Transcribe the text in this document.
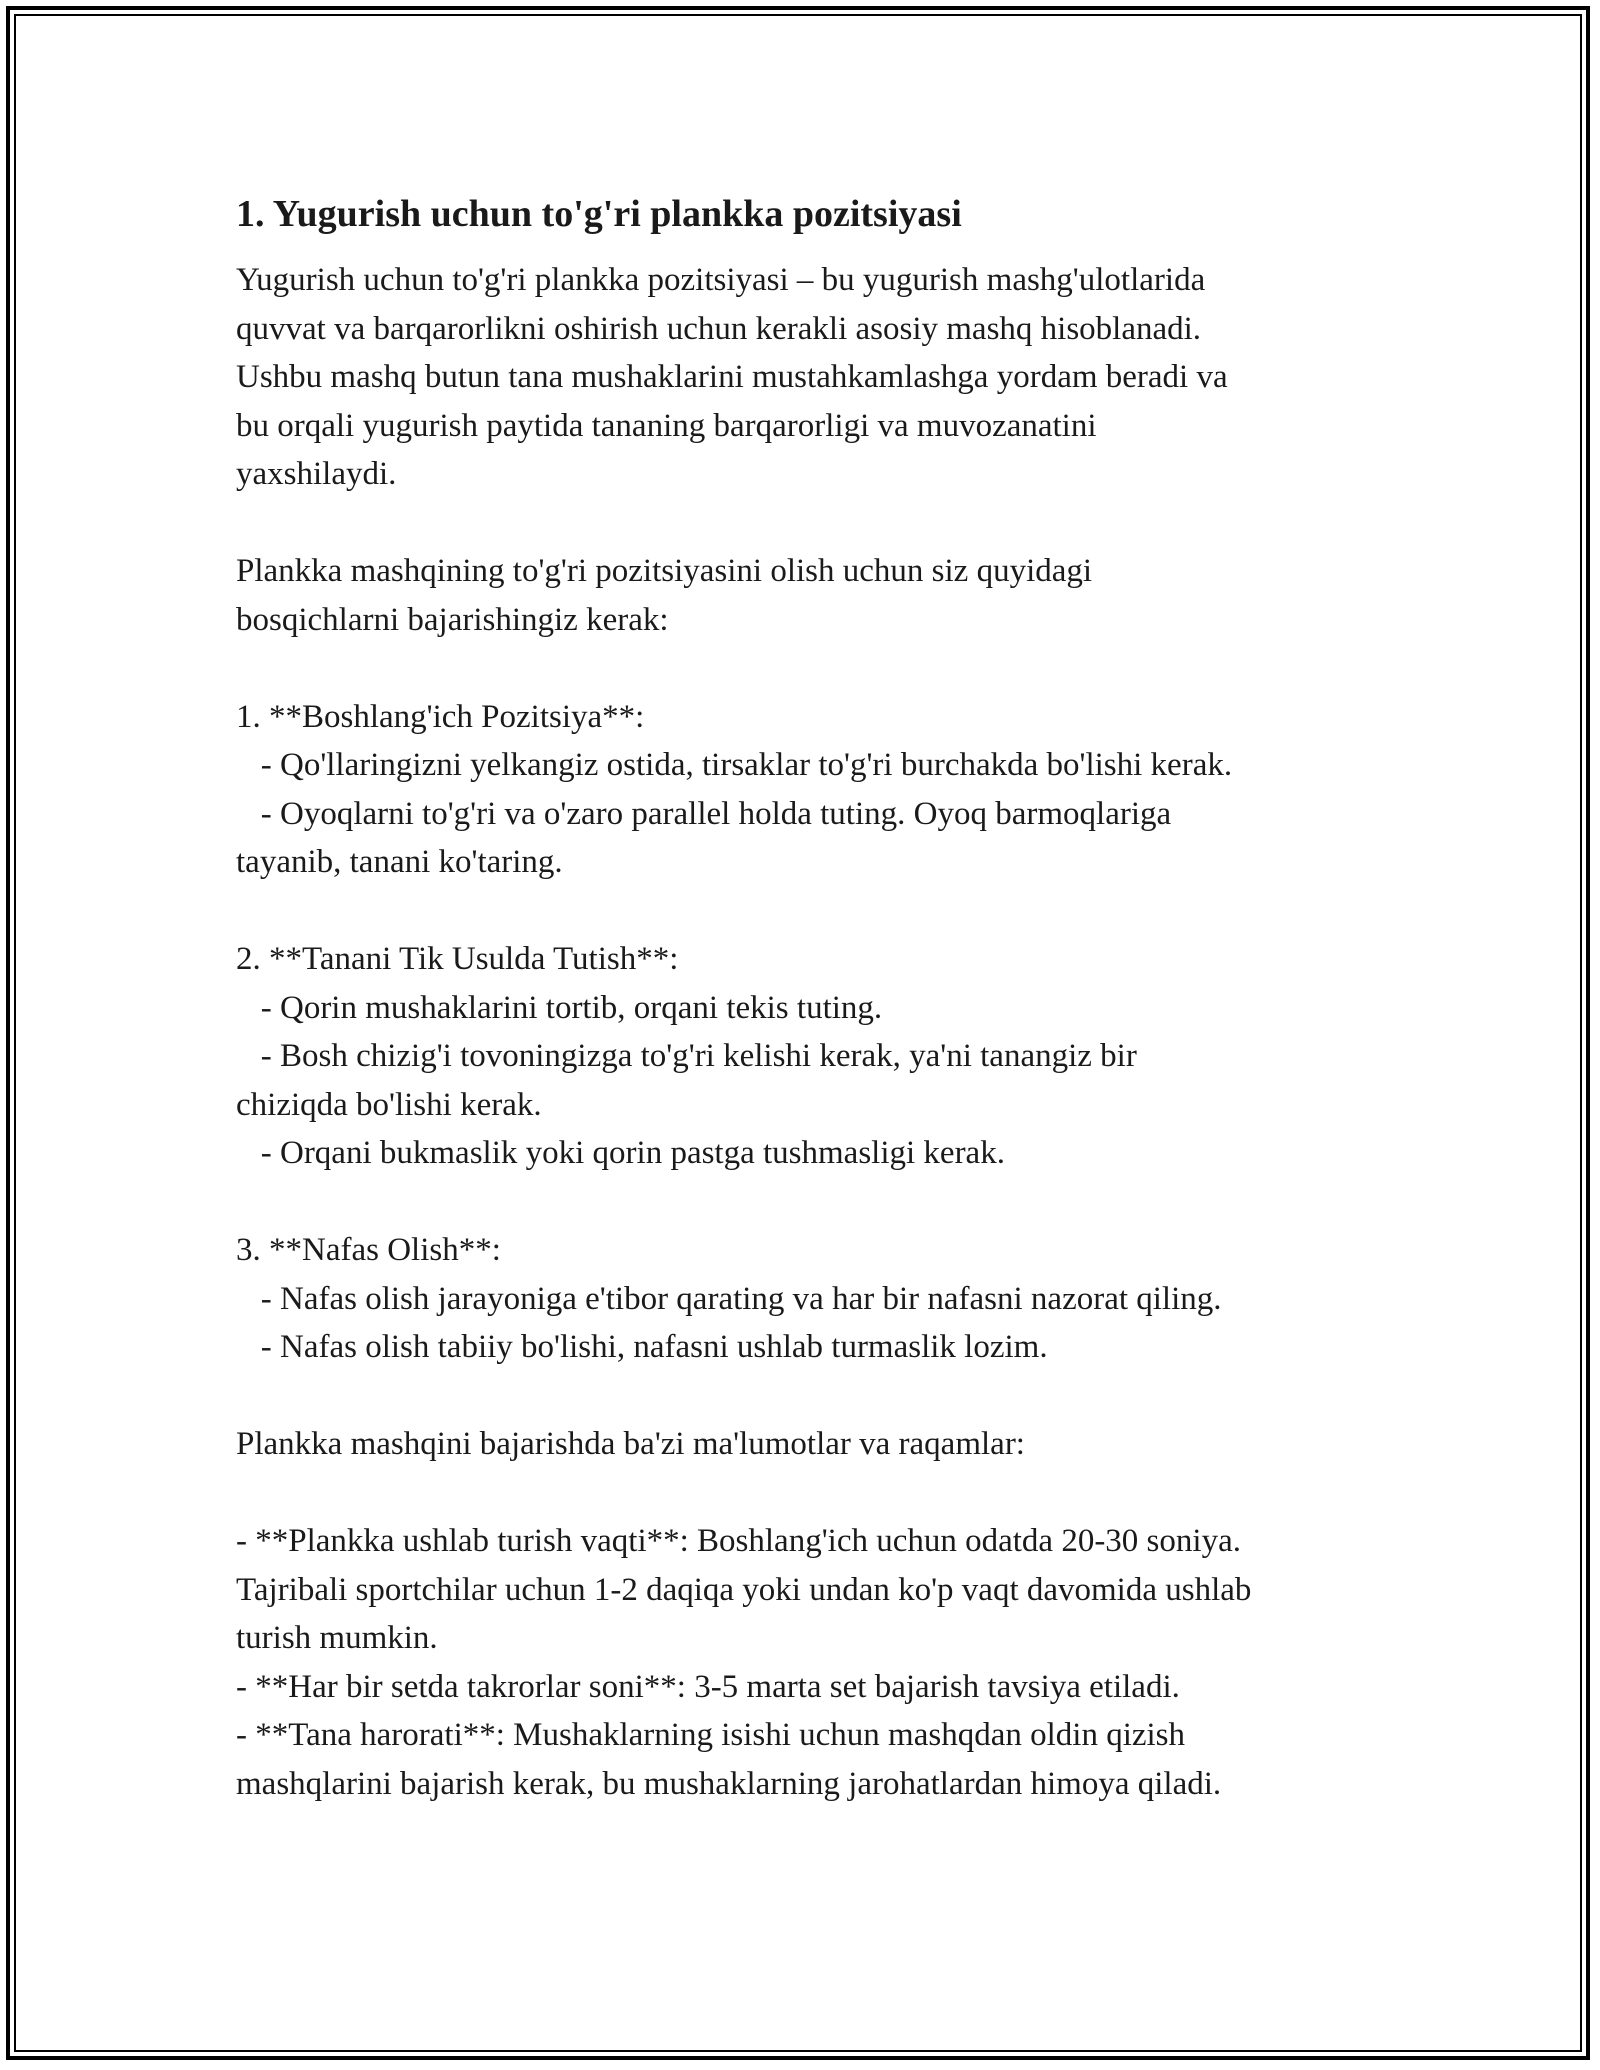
1. Yugurish uchun to'g'ri plankka pozitsiyasi

Yugurish uchun to'g'ri plankka pozitsiyasi – bu yugurish mashg'ulotlarida
quvvat va barqarorlikni oshirish uchun kerakli asosiy mashq hisoblanadi.
Ushbu mashq butun tana mushaklarini mustahkamlashga yordam beradi va
bu orqali yugurish paytida tananing barqarorligi va muvozanatini
yaxshilaydi.

Plankka mashqining to'g'ri pozitsiyasini olish uchun siz quyidagi
bosqichlarni bajarishingiz kerak:

1. **Boshlang'ich Pozitsiya**:
- Qo'llaringizni yelkangiz ostida, tirsaklar to'g'ri burchakda bo'lishi kerak.
- Oyoqlarni to'g'ri va o'zaro parallel holda tuting. Oyoq barmoqlariga
tayanib, tanani ko'taring.

2. **Tanani Tik Usulda Tutish**:
- Qorin mushaklarini tortib, orqani tekis tuting.
- Bosh chizig'i tovoningizga to'g'ri kelishi kerak, ya'ni tanangiz bir
chiziqda bo'lishi kerak.
- Orqani bukmaslik yoki qorin pastga tushmasligi kerak.

3. **Nafas Olish**:
- Nafas olish jarayoniga e'tibor qarating va har bir nafasni nazorat qiling.
- Nafas olish tabiiy bo'lishi, nafasni ushlab turmaslik lozim.

Plankka mashqini bajarishda ba'zi ma'lumotlar va raqamlar:

- **Plankka ushlab turish vaqti**: Boshlang'ich uchun odatda 20-30 soniya.
Tajribali sportchilar uchun 1-2 daqiqa yoki undan ko'p vaqt davomida ushlab
turish mumkin.
- **Har bir setda takrorlar soni**: 3-5 marta set bajarish tavsiya etiladi.
- **Tana harorati**: Mushaklarning isishi uchun mashqdan oldin qizish
mashqlarini bajarish kerak, bu mushaklarning jarohatlardan himoya qiladi.
